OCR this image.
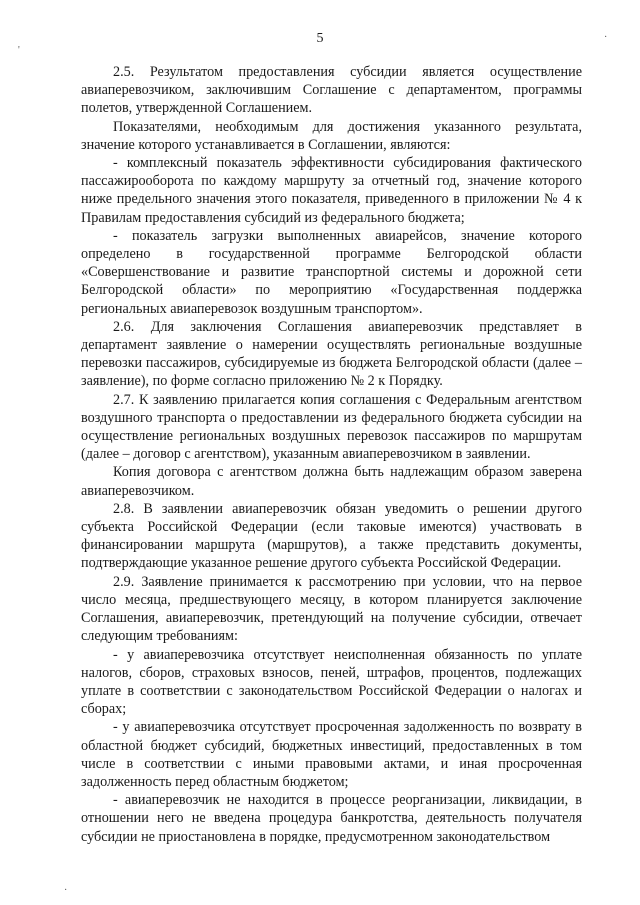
5

2.5. Результатом предоставления субсидии является осуществление авиаперевозчиком, заключившим Соглашение с департаментом, программы полетов, утвержденной Соглашением.

Показателями, необходимым для достижения указанного результата, значение которого устанавливается в Соглашении, являются:

- комплексный показатель эффективности субсидирования фактического пассажирооборота по каждому маршруту за отчетный год, значение которого ниже предельного значения этого показателя, приведенного в приложении № 4 к Правилам предоставления субсидий из федерального бюджета;

- показатель загрузки выполненных авиарейсов, значение которого определено в государственной программе Белгородской области «Совершенствование и развитие транспортной системы и дорожной сети Белгородской области» по мероприятию «Государственная поддержка региональных авиаперевозок воздушным транспортом».

2.6. Для заключения Соглашения авиаперевозчик представляет в департамент заявление о намерении осуществлять региональные воздушные перевозки пассажиров, субсидируемые из бюджета Белгородской области (далее – заявление), по форме согласно приложению № 2 к Порядку.

2.7. К заявлению прилагается копия соглашения с Федеральным агентством воздушного транспорта о предоставлении из федерального бюджета субсидии на осуществление региональных воздушных перевозок пассажиров по маршрутам (далее – договор с агентством), указанным авиаперевозчиком в заявлении.

Копия договора с агентством должна быть надлежащим образом заверена авиаперевозчиком.

2.8. В заявлении авиаперевозчик обязан уведомить о решении другого субъекта Российской Федерации (если таковые имеются) участвовать в финансировании маршрута (маршрутов), а также представить документы, подтверждающие указанное решение другого субъекта Российской Федерации.

2.9. Заявление принимается к рассмотрению при условии, что на первое число месяца, предшествующего месяцу, в котором планируется заключение Соглашения, авиаперевозчик, претендующий на получение субсидии, отвечает следующим требованиям:

- у авиаперевозчика отсутствует неисполненная обязанность по уплате налогов, сборов, страховых взносов, пеней, штрафов, процентов, подлежащих уплате в соответствии с законодательством Российской Федерации о налогах и сборах;

- у авиаперевозчика отсутствует просроченная задолженность по возврату в областной бюджет субсидий, бюджетных инвестиций, предоставленных в том числе в соответствии с иными правовыми актами, и иная просроченная задолженность перед областным бюджетом;

- авиаперевозчик не находится в процессе реорганизации, ликвидации, в отношении него не введена процедура банкротства, деятельность получателя субсидии не приостановлена в порядке, предусмотренном законодательством

'
·
·
